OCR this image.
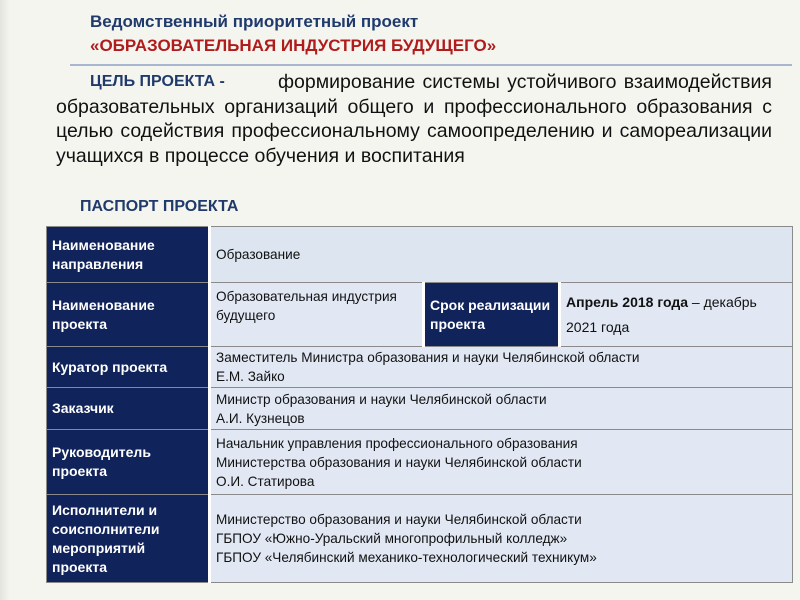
Ведомственный приоритетный проект
«ОБРАЗОВАТЕЛЬНАЯ ИНДУСТРИЯ БУДУЩЕГО»
формирование системы устойчивого взаимодействия образовательных организаций общего и профессионального образования с целью содействия профессиональному самоопределению и самореализации учащихся в процессе обучения и воспитания
ЦЕЛЬ ПРОЕКТА -
ПАСПОРТ ПРОЕКТА
Наименование направления	Образование		
Наименование проекта	Образовательная индустрия будущего	Срок реализации проекта	Апрель 2018 года – декабрь 2021 года
Куратор проекта	Заместитель Министра образования и науки Челябинской области
Е.М. Зайко		

Заказчик	Министр образования и науки Челябинской области
А.И. Кузнецов		

Руководитель проекта	Начальник управления профессионального образования
Министерства образования и науки Челябинской области
О.И. Статирова		

Исполнители и соисполнители мероприятий проекта	Министерство образования и науки Челябинской области
ГБПОУ «Южно-Уральский многопрофильный колледж»
ГБПОУ «Челябинский механико-технологический техникум»		
